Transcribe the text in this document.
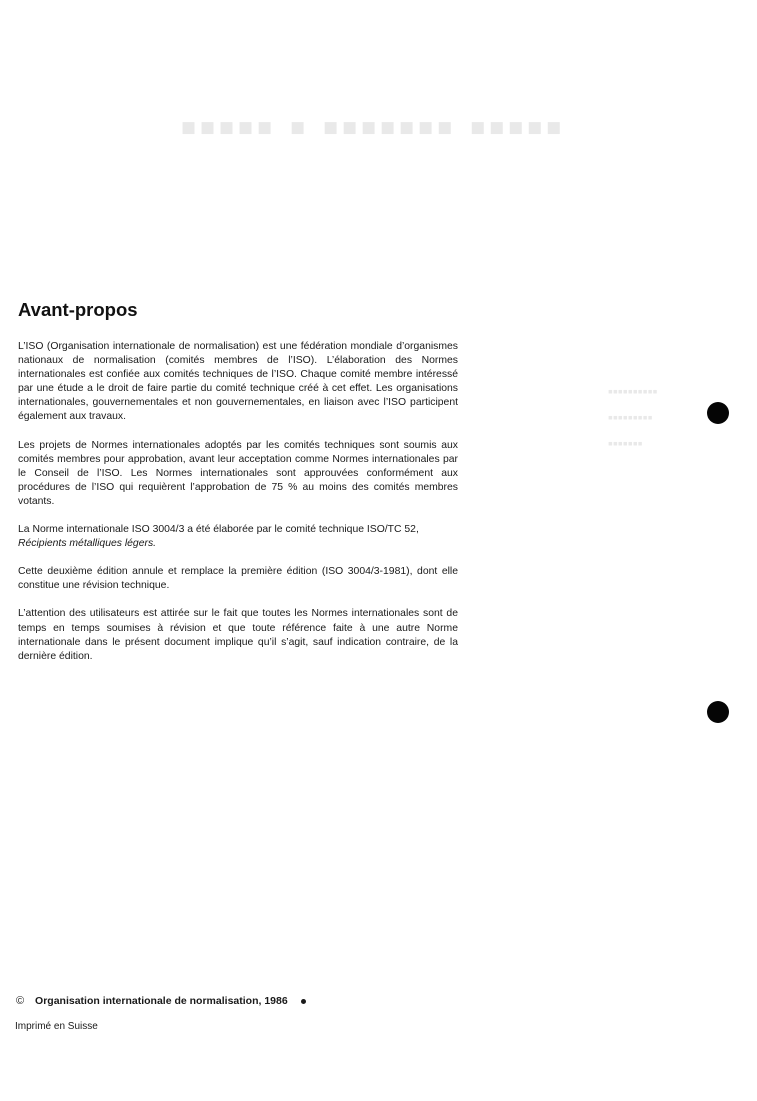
▪▪▪▪▪ ▪ ▪▪▪▪▪▪▪ ▪▪▪▪▪
▪▪▪▪▪▪▪▪▪▪
▪▪▪▪▪▪▪▪▪
▪▪▪▪▪▪▪
Avant-propos

L’ISO (Organisation internationale de normalisation) est une fédération mondiale d’organismes nationaux de normalisation (comités membres de l’ISO). L’élaboration des Normes internationales est confiée aux comités techniques de l’ISO. Chaque comité membre intéressé par une étude a le droit de faire partie du comité technique créé à cet effet. Les organisations internationales, gouvernementales et non gouvernementales, en liaison avec l’ISO participent également aux travaux.

Les projets de Normes internationales adoptés par les comités techniques sont soumis aux comités membres pour approbation, avant leur acceptation comme Normes internationales par le Conseil de l’ISO. Les Normes internationales sont approuvées conformément aux procédures de l’ISO qui requièrent l’approbation de 75 % au moins des comités membres votants.

La Norme internationale ISO 3004/3 a été élaborée par le comité technique ISO/TC 52,
Récipients métalliques légers.

Cette deuxième édition annule et remplace la première édition (ISO 3004/3-1981), dont elle constitue une révision technique.

L’attention des utilisateurs est attirée sur le fait que toutes les Normes internationales sont de temps en temps soumises à révision et que toute référence faite à une autre Norme internationale dans le présent document implique qu’il s’agit, sauf indication contraire, de la dernière édition.

© Organisation internationale de normalisation, 1986
Imprimé en Suisse
